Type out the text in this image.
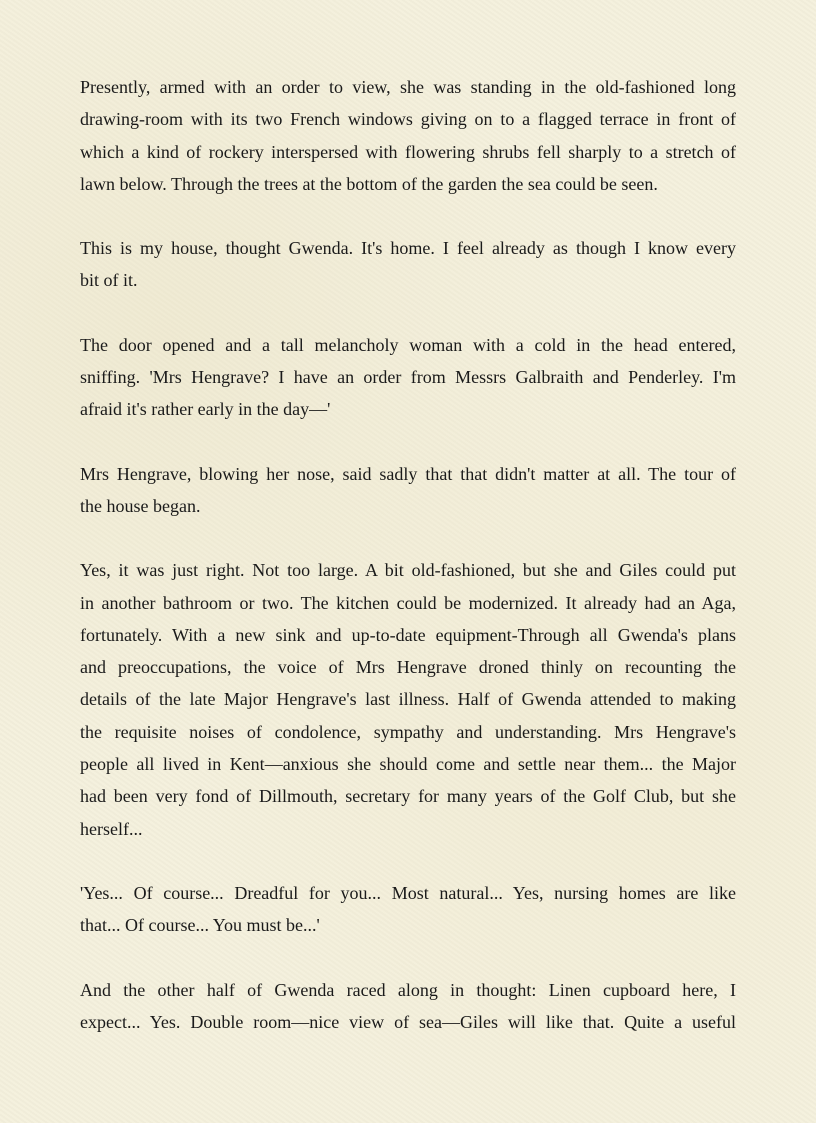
Presently, armed with an order to view, she was standing in the old-fashioned long
drawing-room with its two French windows giving on to a flagged terrace in front of
which a kind of rockery interspersed with flowering shrubs fell sharply to a stretch of
lawn below. Through the trees at the bottom of the garden the sea could be seen.

This is my house, thought Gwenda. It's home. I feel already as though I know every
bit of it.

The door opened and a tall melancholy woman with a cold in the head entered,
sniffing. 'Mrs Hengrave? I have an order from Messrs Galbraith and Penderley. I'm
afraid it's rather early in the day—'

Mrs Hengrave, blowing her nose, said sadly that that didn't matter at all. The tour of
the house began.

Yes, it was just right. Not too large. A bit old-fashioned, but she and Giles could put
in another bathroom or two. The kitchen could be modernized. It already had an Aga,
fortunately. With a new sink and up-to-date equipment-Through all Gwenda's plans
and preoccupations, the voice of Mrs Hengrave droned thinly on recounting the
details of the late Major Hengrave's last illness. Half of Gwenda attended to making
the requisite noises of condolence, sympathy and understanding. Mrs Hengrave's
people all lived in Kent—anxious she should come and settle near them... the Major
had been very fond of Dillmouth, secretary for many years of the Golf Club, but she
herself...

'Yes... Of course... Dreadful for you... Most natural... Yes, nursing homes are like
that... Of course... You must be...'

And the other half of Gwenda raced along in thought: Linen cupboard here, I
expect... Yes. Double room—nice view of sea—Giles will like that. Quite a useful
